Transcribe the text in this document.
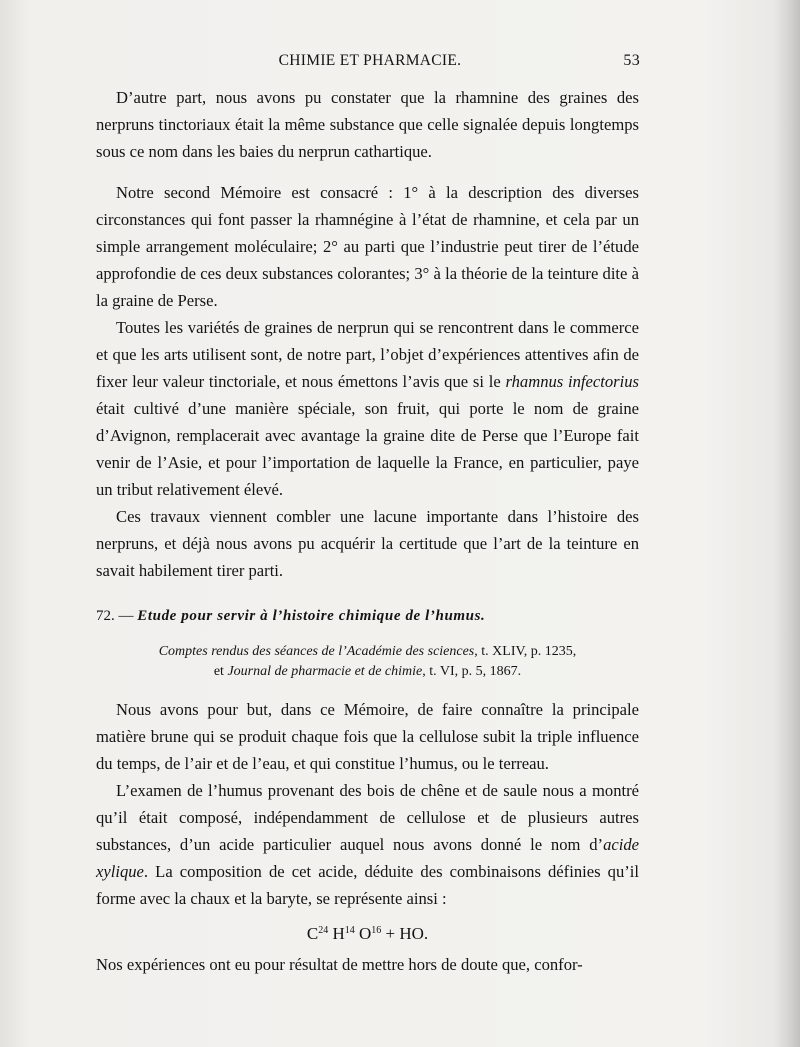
CHIMIE ET PHARMACIE.	53

D’autre part, nous avons pu constater que la rhamnine des graines des nerpruns tinctoriaux était la même substance que celle signalée depuis longtemps sous ce nom dans les baies du nerprun cathartique.

Notre second Mémoire est consacré : 1° à la description des diverses circonstances qui font passer la rhamnégine à l’état de rhamnine, et cela par un simple arrangement moléculaire; 2° au parti que l’industrie peut tirer de l’étude approfondie de ces deux substances colorantes; 3° à la théorie de la teinture dite à la graine de Perse.

Toutes les variétés de graines de nerprun qui se rencontrent dans le commerce et que les arts utilisent sont, de notre part, l’objet d’expériences attentives afin de fixer leur valeur tinctoriale, et nous émettons l’avis que si le rhamnus infectorius était cultivé d’une manière spéciale, son fruit, qui porte le nom de graine d’Avignon, remplacerait avec avantage la graine dite de Perse que l’Europe fait venir de l’Asie, et pour l’importation de laquelle la France, en particulier, paye un tribut relativement élevé.

Ces travaux viennent combler une lacune importante dans l’histoire des nerpruns, et déjà nous avons pu acquérir la certitude que l’art de la teinture en savait habilement tirer parti.

72. — Etude pour servir à l’histoire chimique de l’humus.
Comptes rendus des séances de l’Académie des sciences, t. XLIV, p. 1235,
et Journal de pharmacie et de chimie, t. VI, p. 5, 1867.

Nous avons pour but, dans ce Mémoire, de faire connaître la principale matière brune qui se produit chaque fois que la cellulose subit la triple influence du temps, de l’air et de l’eau, et qui constitue l’humus, ou le terreau.

L’examen de l’humus provenant des bois de chêne et de saule nous a montré qu’il était composé, indépendamment de cellulose et de plusieurs autres substances, d’un acide particulier auquel nous avons donné le nom d’acide xylique. La composition de cet acide, déduite des combinaisons définies qu’il forme avec la chaux et la baryte, se représente ainsi :

$C^{24}$ $H^{14}$ $O^{16}$ + HO.

Nos expériences ont eu pour résultat de mettre hors de doute que, confor-
